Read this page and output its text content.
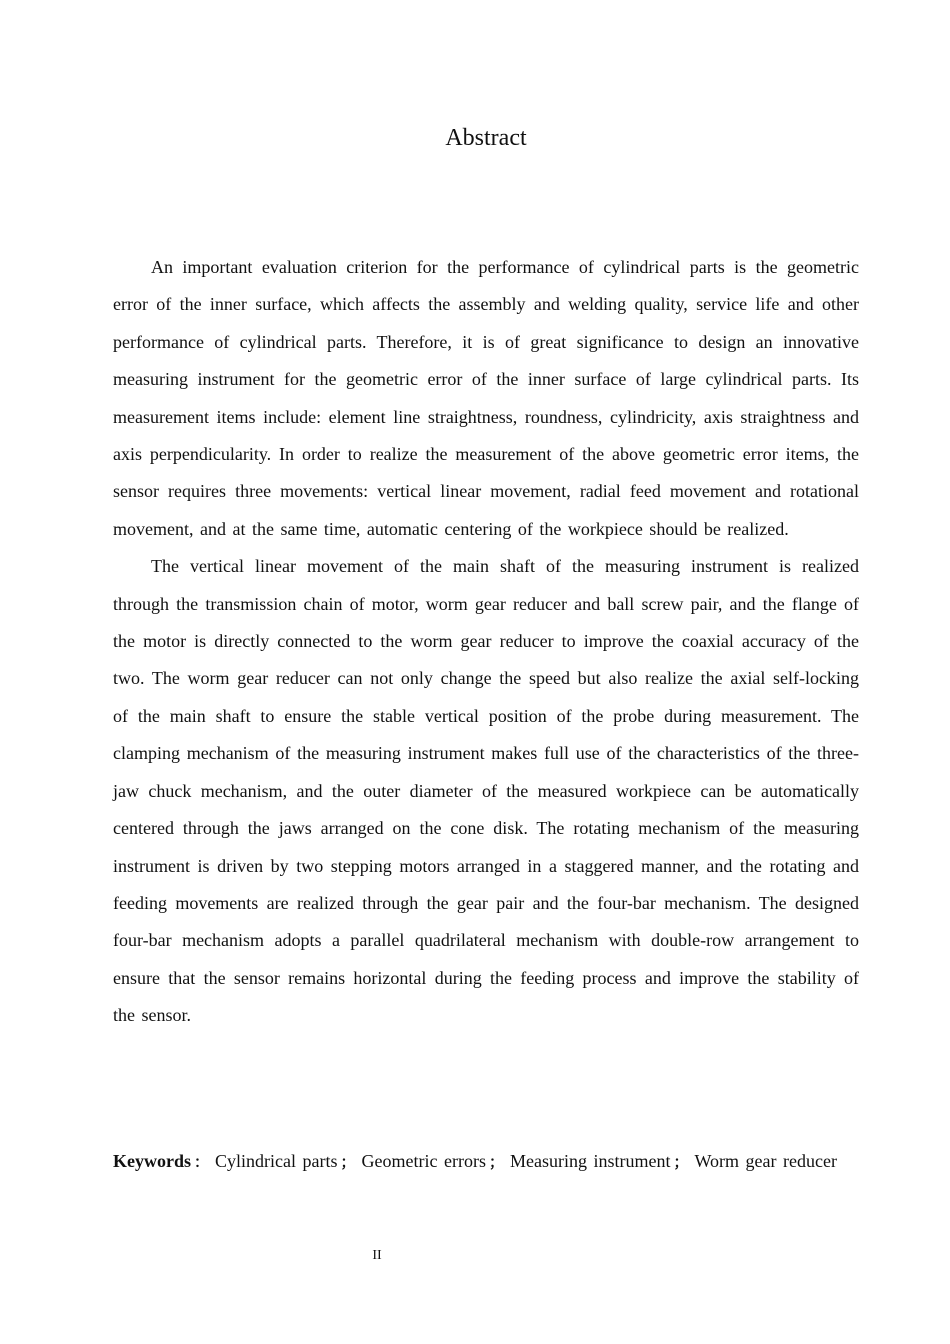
Abstract

An important evaluation criterion for the performance of cylindrical parts is the geometric error of the inner surface, which affects the assembly and welding quality, service life and other performance of cylindrical parts. Therefore, it is of great significance to design an innovative measuring instrument for the geometric error of the inner surface of large cylindrical parts. Its measurement items include: element line straightness, roundness, cylindricity, axis straightness and axis perpendicularity. In order to realize the measurement of the above geometric error items, the sensor requires three movements: vertical linear movement, radial feed movement and rotational movement, and at the same time, automatic centering of the workpiece should be realized.

The vertical linear movement of the main shaft of the measuring instrument is realized through the transmission chain of motor, worm gear reducer and ball screw pair, and the flange of the motor is directly connected to the worm gear reducer to improve the coaxial accuracy of the two. The worm gear reducer can not only change the speed but also realize the axial self-locking of the main shaft to ensure the stable vertical position of the probe during measurement. The clamping mechanism of the measuring instrument makes full use of the characteristics of the three-jaw chuck mechanism, and the outer diameter of the measured workpiece can be automatically centered through the jaws arranged on the cone disk. The rotating mechanism of the measuring instrument is driven by two stepping motors arranged in a staggered manner, and the rotating and feeding movements are realized through the gear pair and the four-bar mechanism. The designed four-bar mechanism adopts a parallel quadrilateral mechanism with double-row arrangement to ensure that the sensor remains horizontal during the feeding process and improve the stability of the sensor.

Keywords ： Cylindrical parts ； Geometric errors ； Measuring instrument ； Worm gear reducer

II
